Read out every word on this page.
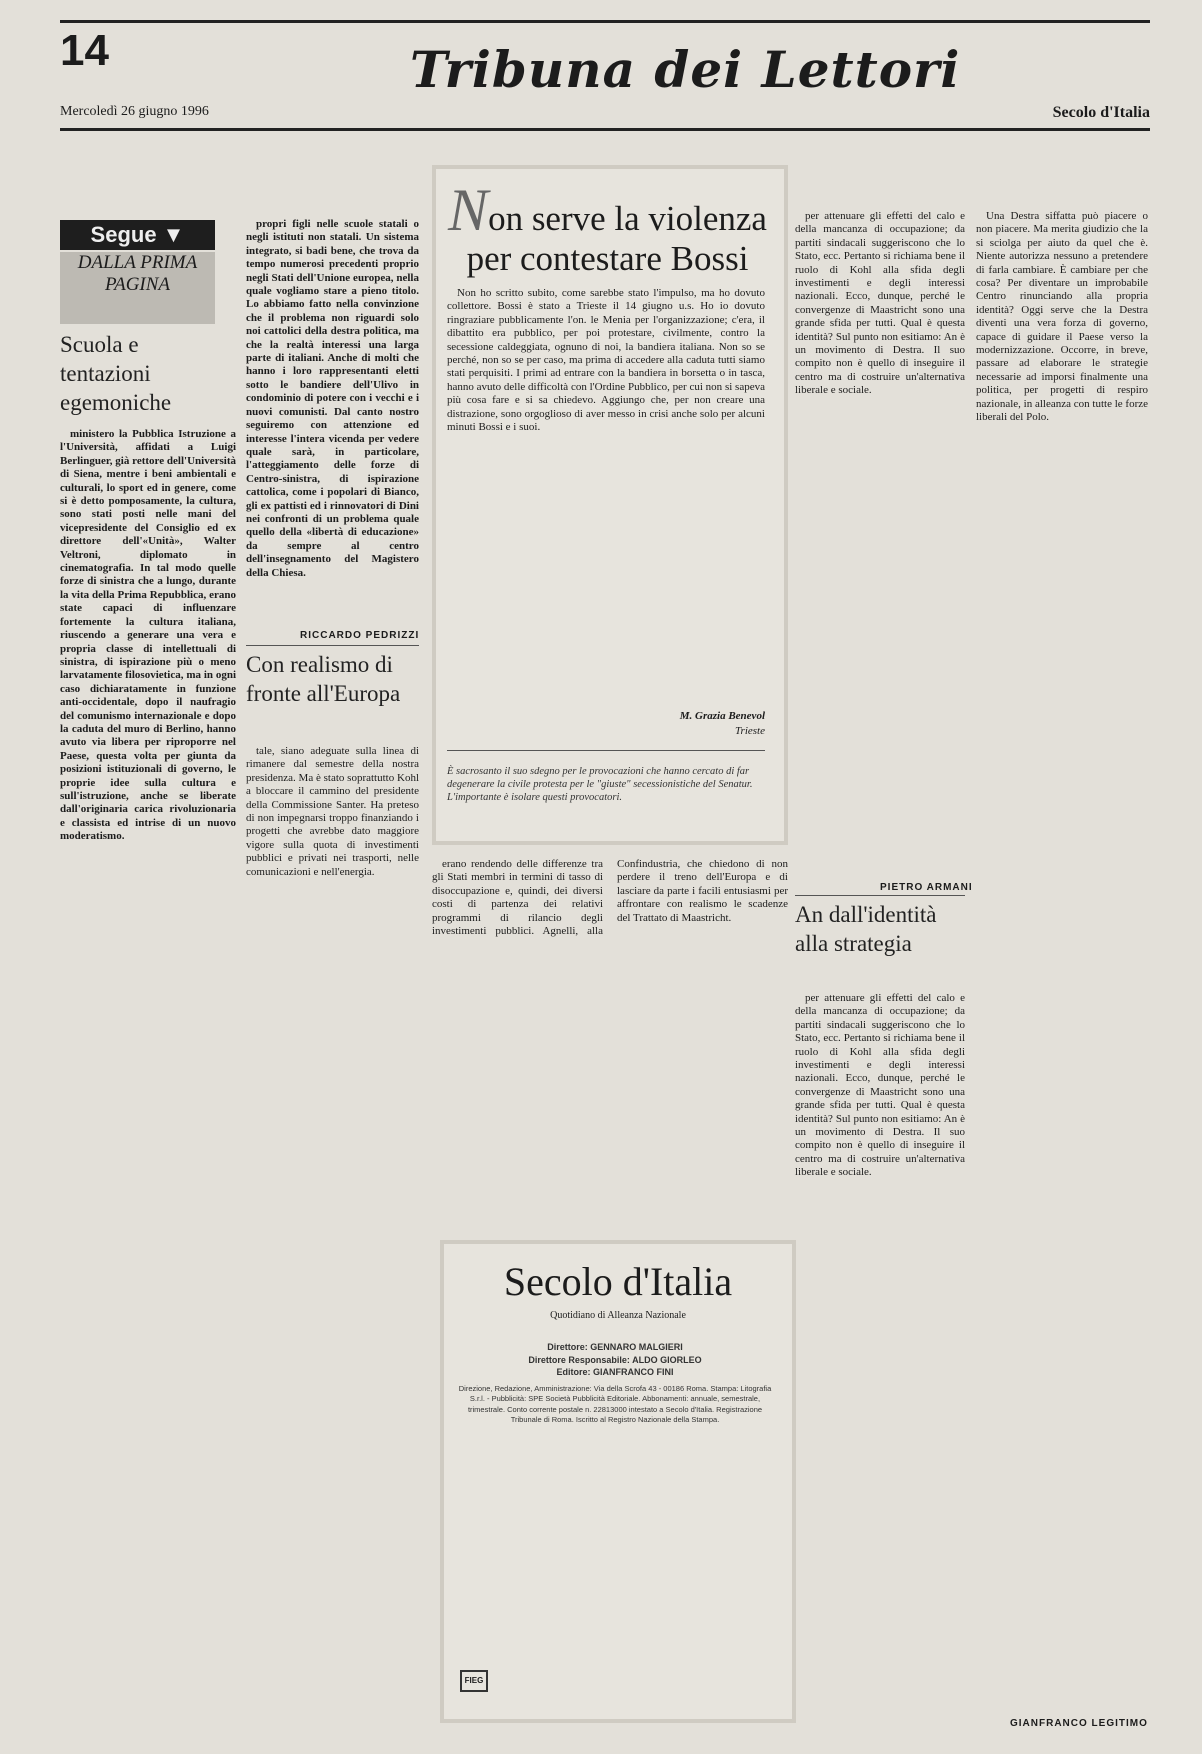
14	Tribuna dei Lettori
Mercoledì 26 giugno 1996	Secolo d'Italia
Segue ▼
DALLA PRIMA PAGINA
Scuola e tentazioni egemoniche

ministero la Pubblica Istruzione a l'Università, affidati a Luigi Berlinguer, già rettore dell'Università di Siena, mentre i beni ambientali e culturali, lo sport ed in genere, come si è detto pomposamente, la cultura, sono stati posti nelle mani del vicepresidente del Consiglio ed ex direttore dell'«Unità», Walter Veltroni, diplomato in cinematografia. In tal modo quelle forze di sinistra che a lungo, durante la vita della Prima Repubblica, erano state capaci di influenzare fortemente la cultura italiana, riuscendo a generare una vera e propria classe di intellettuali di sinistra, di ispirazione più o meno larvatamente filosovietica, ma in ogni caso dichiaratamente in funzione anti-occidentale, dopo il naufragio del comunismo internazionale e dopo la caduta del muro di Berlino, hanno avuto via libera per riproporre nel Paese, questa volta per giunta da posizioni istituzionali di governo, le proprie idee sulla cultura e sull'istruzione, anche se liberate dall'originaria carica rivoluzionaria e classista ed intrise di un nuovo moderatismo.

propri figli nelle scuole statali o negli istituti non statali. Un sistema integrato, si badi bene, che trova da tempo numerosi precedenti proprio negli Stati dell'Unione europea, nella quale vogliamo stare a pieno titolo. Lo abbiamo fatto nella convinzione che il problema non riguardi solo noi cattolici della destra politica, ma che la realtà interessi una larga parte di italiani. Anche di molti che hanno i loro rappresentanti eletti sotto le bandiere dell'Ulivo in condominio di potere con i vecchi e i nuovi comunisti. Dal canto nostro seguiremo con attenzione ed interesse l'intera vicenda per vedere quale sarà, in particolare, l'atteggiamento delle forze di Centro-sinistra, di ispirazione cattolica, come i popolari di Bianco, gli ex pattisti ed i rinnovatori di Dini nei confronti di un problema quale quello della «libertà di educazione» da sempre al centro dell'insegnamento del Magistero della Chiesa.

RICCARDO PEDRIZZI
Con realismo di fronte all'Europa

tale, siano adeguate sulla linea di rimanere dal semestre della nostra presidenza. Ma è stato soprattutto Kohl a bloccare il cammino del presidente della Commissione Santer. Ha preteso di non impegnarsi troppo finanziando i progetti che avrebbe dato maggiore vigore sulla quota di investimenti pubblici e privati nei trasporti, nelle comunicazioni e nell'energia.

Non serve la violenza per contestare Bossi

Non ho scritto subito, come sarebbe stato l'impulso, ma ho dovuto collettore. Bossi è stato a Trieste il 14 giugno u.s. Ho io dovuto ringraziare pubblicamente l'on. le Menia per l'organizzazione; c'era, il dibattito era pubblico, per poi protestare, civilmente, contro la secessione caldeggiata, ognuno di noi, la bandiera italiana. Non so se perché, non so se per caso, ma prima di accedere alla caduta tutti siamo stati perquisiti. I primi ad entrare con la bandiera in borsetta o in tasca, hanno avuto delle difficoltà con l'Ordine Pubblico, per cui non si sapeva più cosa fare e si sa chiedevo. Aggiungo che, per non creare una distrazione, sono orgoglioso di aver messo in crisi anche solo per alcuni minuti Bossi e i suoi.

M. Grazia Benevol
Trieste
È sacrosanto il suo sdegno per le provocazioni che hanno cercato di far degenerare la civile protesta per le "giuste" secessionistiche del Senatur. L'importante è isolare questi provocatori.

erano rendendo delle differenze tra gli Stati membri in termini di tasso di disoccupazione e, quindi, dei diversi costi di partenza dei relativi programmi di rilancio degli investimenti pubblici. Agnelli, alla Confindustria, che chiedono di non perdere il treno dell'Europa e di lasciare da parte i facili entusiasmi per affrontare con realismo le scadenze del Trattato di Maastricht.

Secolo d'Italia
Quotidiano di Alleanza Nazionale
Direttore: GENNARO MALGIERI
Direttore Responsabile: ALDO GIORLEO
Editore: GIANFRANCO FINI
Direzione, Redazione, Amministrazione: Via della Scrofa 43 - 00186 Roma. Stampa: Litografia S.r.l. - Pubblicità: SPE Società Pubblicità Editoriale. Abbonamenti: annuale, semestrale, trimestrale. Conto corrente postale n. 22813000 intestato a Secolo d'Italia. Registrazione Tribunale di Roma. Iscritto al Registro Nazionale della Stampa.
FIEG

per attenuare gli effetti del calo e della mancanza di occupazione; da partiti sindacali suggeriscono che lo Stato, ecc. Pertanto si richiama bene il ruolo di Kohl alla sfida degli investimenti e degli interessi nazionali. Ecco, dunque, perché le convergenze di Maastricht sono una grande sfida per tutti. Qual è questa identità? Sul punto non esitiamo: An è un movimento di Destra. Il suo compito non è quello di inseguire il centro ma di costruire un'alternativa liberale e sociale.

PIETRO ARMANI
An dall'identità alla strategia

per attenuare gli effetti del calo e della mancanza di occupazione; da partiti sindacali suggeriscono che lo Stato, ecc. Pertanto si richiama bene il ruolo di Kohl alla sfida degli investimenti e degli interessi nazionali. Ecco, dunque, perché le convergenze di Maastricht sono una grande sfida per tutti. Qual è questa identità? Sul punto non esitiamo: An è un movimento di Destra. Il suo compito non è quello di inseguire il centro ma di costruire un'alternativa liberale e sociale.

Una Destra siffatta può piacere o non piacere. Ma merita giudizio che la si sciolga per aiuto da quel che è. Niente autorizza nessuno a pretendere di farla cambiare. È cambiare per che cosa? Per diventare un improbabile Centro rinunciando alla propria identità? Oggi serve che la Destra diventi una vera forza di governo, capace di guidare il Paese verso la modernizzazione. Occorre, in breve, passare ad elaborare le strategie necessarie ad imporsi finalmente una politica, per progetti di respiro nazionale, in alleanza con tutte le forze liberali del Polo.

GIANFRANCO LEGITIMO
